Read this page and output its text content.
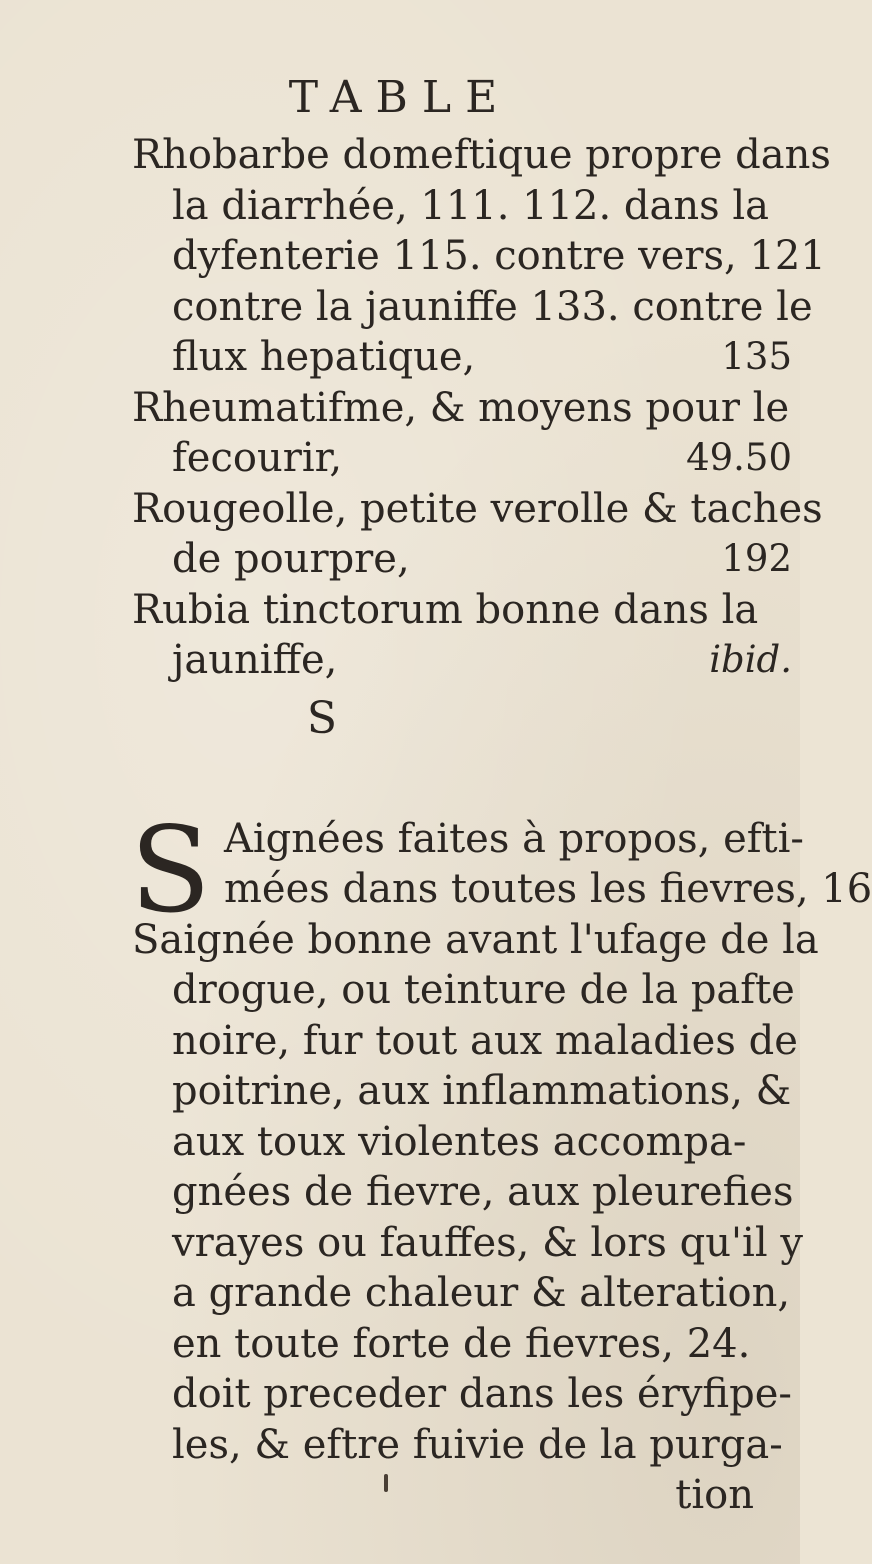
TABLE
Rhobarbe domeftique propre dans
la diarrhée, 111. 112. dans la
dyfenterie 115. contre vers, 121
contre la jauniffe 133. contre le
flux hepatique,	135
Rheumatifme, & moyens pour le
fecourir,	49.50
Rougeolle, petite verolle & taches
de pourpre,	192
Rubia tinctorum bonne dans la
jauniffe,	ibid.
S
S Aignées faites à propos, efti-
mées dans toutes les fievres, 16
Saignée bonne avant l'ufage de la
drogue, ou teinture de la pafte
noire, fur tout aux maladies de
poitrine, aux inflammations, &
aux toux violentes accompa-
gnées de fievre, aux pleurefies
vrayes ou fauffes, & lors qu'il y
a grande chaleur & alteration,
en toute forte de fievres, 24.
doit preceder dans les éryfipe-
les, & eftre fuivie de la purga-
tion
